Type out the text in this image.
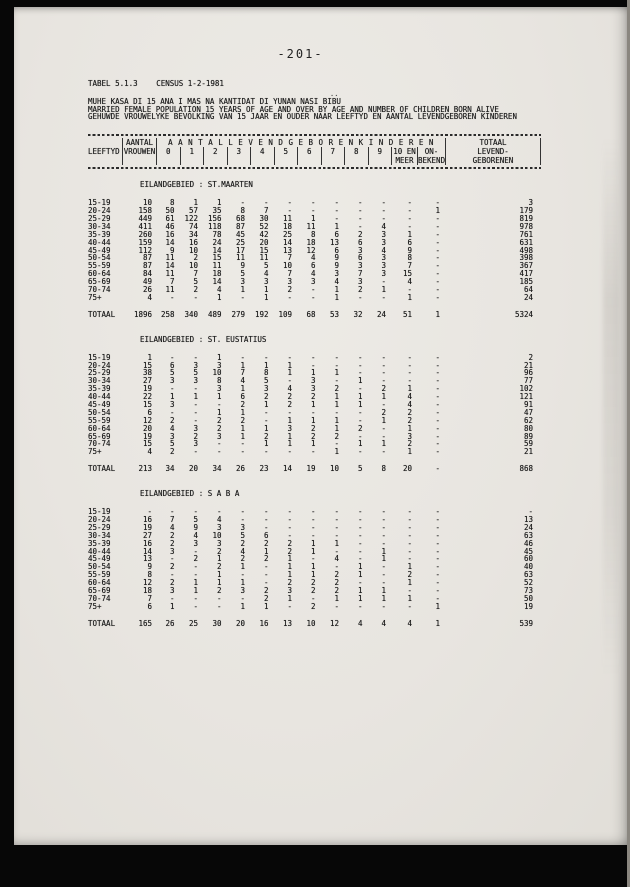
-201-
TABEL 5.1.3 CENSUS 1-2-1981
..
MUHE KASA DI 15 ANA I MAS NA KANTIDAT DI YUNAN NASI BIBU
MARRIED FEMALE POPULATION 15 YEARS OF AGE AND OVER BY AGE AND NUMBER OF CHILDREN BORN ALIVE
GEHUWDE VROUWELYKE BEVOLKING VAN 15 JAAR EN OUDER NAAR LEEFTYD EN AANTAL LEVENDGEBOREN KINDEREN
AANTAL	A A N T A L L E V E N D G E B O R E N K I N D E R E N	TOTAAL
LEEFTYD VROUWEN	0	1	2	3	4	5	6	7	8	9	10 EN	ON-	LEVEND-
MEER BEKEND	GEBORENEN
EILANDGEBIED : ST.MAARTEN
15-19	10	8	1	1	-	-	-	-	-	-	-	-	-	3
20-24	158	50	57	35	8	7	-	-	-	-	-	-	1	179
25-29	449	61	122	156	68	30	11	1	-	-	-	-	-	819
30-34	411	46	74	118	87	52	18	11	1	-	4	-	-	978
35-39	260	16	34	78	45	42	25	8	6	2	3	1	-	761
40-44	159	14	16	24	25	20	14	18	13	6	3	6	-	631
45-49	112	9	10	14	17	15	13	12	6	3	4	9	-	498
50-54	87	11	2	15	11	11	7	4	9	6	3	8	-	398
55-59	87	14	10	11	9	5	10	6	9	3	3	7	-	367
60-64	84	11	7	18	5	4	7	4	3	7	3	15	-	417
65-69	49	7	5	14	3	3	3	3	4	3	-	4	-	185
70-74	26	11	2	4	1	1	2	-	1	2	1	-	-	64
75+	4	-	-	1	-	1	-	-	1	-	-	1	-	24
TOTAAL	1896	258	340	489	279	192	109	68	53	32	24	51	1	5324
EILANDGEBIED : ST. EUSTATIUS
15-19	1	-	-	1	-	-	-	-	-	-	-	-	-	2
20-24	15	6	3	3	1	1	1	-	-	-	-	-	-	21
25-29	38	5	5	10	7	8	1	1	1	-	-	-	-	96
30-34	27	3	3	8	4	5	-	3	-	1	-	-	-	77
35-39	19	-	-	3	1	3	4	3	2	-	2	1	-	102
40-44	22	1	1	1	6	2	2	2	1	1	1	4	-	121
45-49	15	3	-	-	2	1	2	1	1	1	-	4	-	91
50-54	6	-	-	1	1	-	-	-	-	-	2	2	-	47
55-59	12	2	-	2	2	-	1	1	1	-	1	2	-	62
60-64	20	4	3	2	1	1	3	2	1	2	-	1	-	80
65-69	19	3	2	3	1	2	1	2	2	-	-	3	-	89
70-74	15	5	3	-	-	1	1	1	-	1	1	2	-	59
75+	4	2	-	-	-	-	-	-	1	-	-	1	-	21
TOTAAL	213	34	20	34	26	23	14	19	10	5	8	20	-	868
EILANDGEBIED : S A B A
15-19	-	-	-	-	-	-	-	-	-	-	-	-	-	-
20-24	16	7	5	4	-	-	-	-	-	-	-	-	-	13
25-29	19	4	9	3	3	-	-	-	-	-	-	-	-	24
30-34	27	2	4	10	5	6	-	-	-	-	-	-	-	63
35-39	16	2	3	3	2	2	2	1	1	-	-	-	-	46
40-44	14	3	-	2	4	1	2	1	-	-	1	-	-	45
45-49	13	-	2	1	2	2	1	-	4	-	1	-	-	60
50-54	9	2	-	2	1	-	1	1	-	1	-	1	-	40
55-59	8	-	-	1	-	-	1	1	2	1	-	2	-	63
60-64	12	2	1	1	1	-	2	2	2	-	-	1	-	52
65-69	18	3	1	2	3	2	3	2	2	1	1	-	-	73
70-74	7	-	-	-	-	2	1	-	1	1	1	1	-	50
75+	6	1	-	-	1	1	-	2	-	-	-	-	1	19
TOTAAL	165	26	25	30	20	16	13	10	12	4	4	4	1	539
